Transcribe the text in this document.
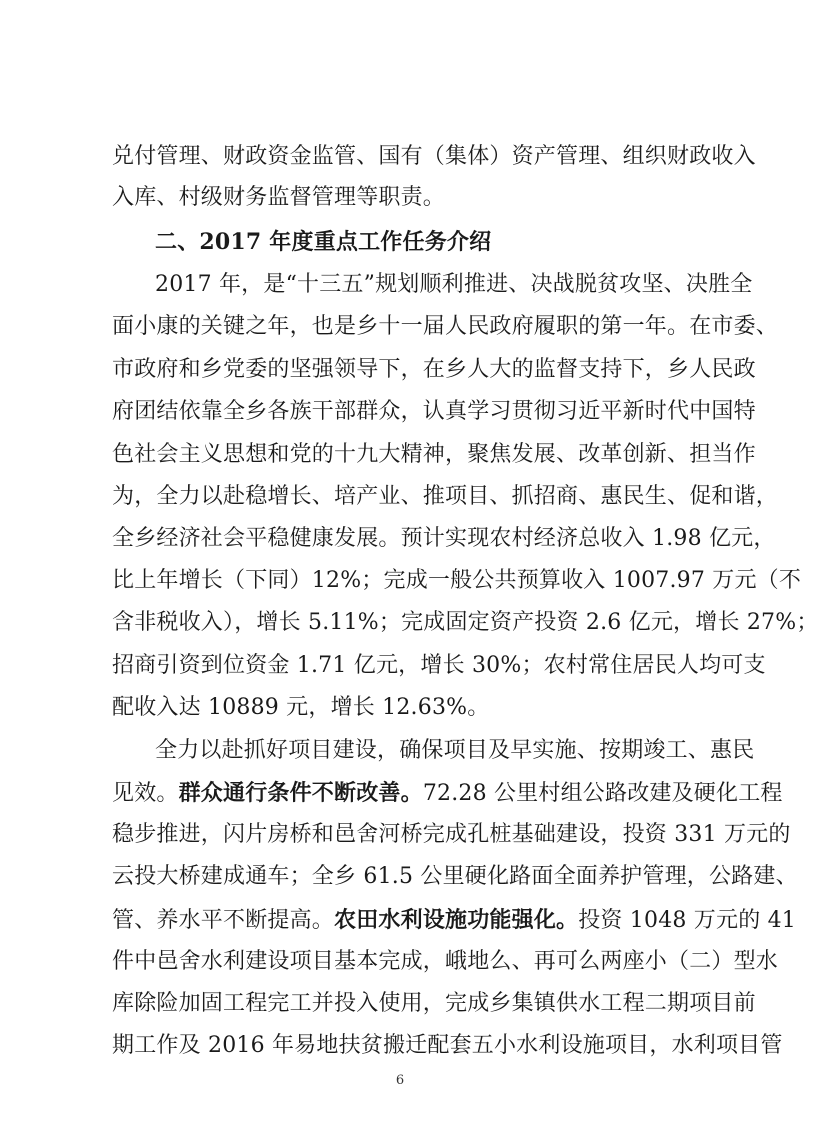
兑付管理、财政资金监管、国有（集体）资产管理、组织财政收入
入库、村级财务监督管理等职责。
二、2017 年度重点工作任务介绍
2017 年，是“十三五”规划顺利推进、决战脱贫攻坚、决胜全
面小康的关键之年，也是乡十一届人民政府履职的第一年。在市委、
市政府和乡党委的坚强领导下，在乡人大的监督支持下，乡人民政
府团结依靠全乡各族干部群众，认真学习贯彻习近平新时代中国特
色社会主义思想和党的十九大精神，聚焦发展、改革创新、担当作
为，全力以赴稳增长、培产业、推项目、抓招商、惠民生、促和谐，
全乡经济社会平稳健康发展。预计实现农村经济总收入 1.98 亿元，
比上年增长（下同）12%；完成一般公共预算收入 1007.97 万元（不
含非税收入），增长 5.11%；完成固定资产投资 2.6 亿元，增长 27%；
招商引资到位资金 1.71 亿元，增长 30%；农村常住居民人均可支
配收入达 10889 元，增长 12.63%。
全力以赴抓好项目建设，确保项目及早实施、按期竣工、惠民
见效。群众通行条件不断改善。72.28 公里村组公路改建及硬化工程
稳步推进，闪片房桥和邑舍河桥完成孔桩基础建设，投资 331 万元的
云投大桥建成通车；全乡 61.5 公里硬化路面全面养护管理，公路建、
管、养水平不断提高。农田水利设施功能强化。投资 1048 万元的 41
件中邑舍水利建设项目基本完成，峨地么、再可么两座小（二）型水
库除险加固工程完工并投入使用，完成乡集镇供水工程二期项目前
期工作及 2016 年易地扶贫搬迁配套五小水利设施项目，水利项目管
6
